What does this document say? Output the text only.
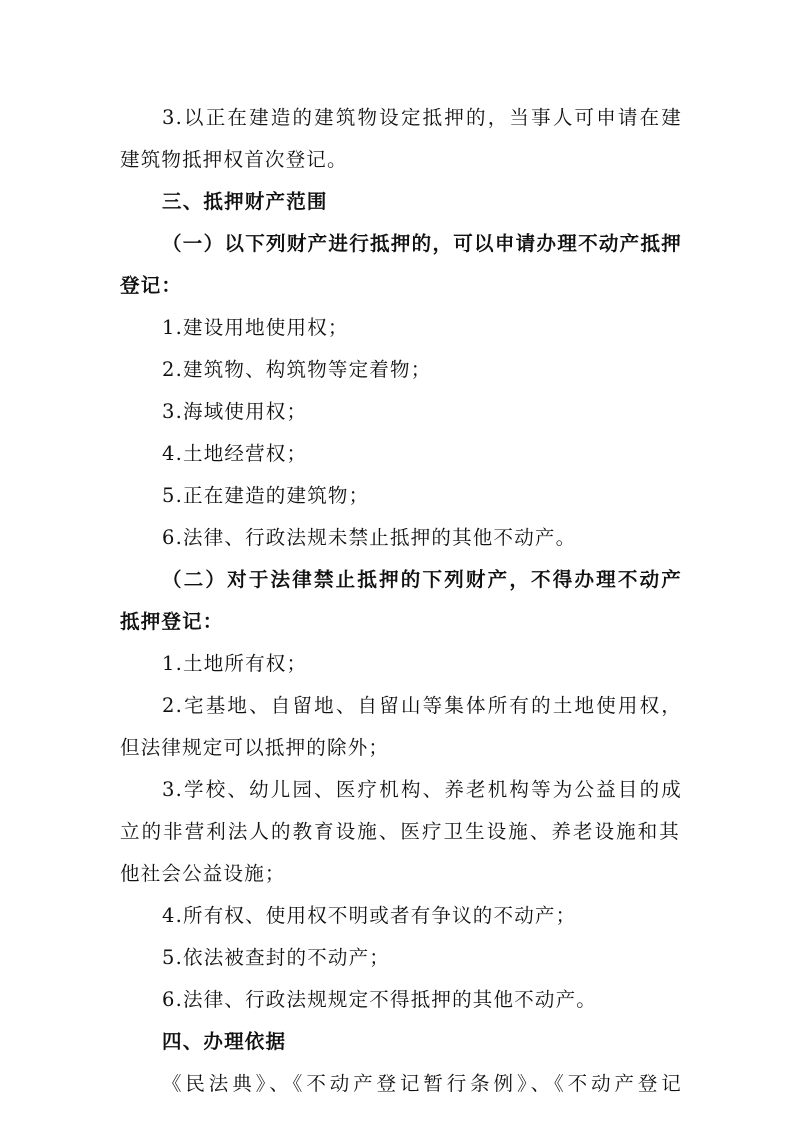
3.以正在建造的建筑物设定抵押的，当事人可申请在建
建筑物抵押权首次登记。
三、抵押财产范围
（一）以下列财产进行抵押的，可以申请办理不动产抵押
登记：
1.建设用地使用权；
2.建筑物、构筑物等定着物；
3.海域使用权；
4.土地经营权；
5.正在建造的建筑物；
6.法律、行政法规未禁止抵押的其他不动产。
（二）对于法律禁止抵押的下列财产，不得办理不动产
抵押登记：
1.土地所有权；
2.宅基地、自留地、自留山等集体所有的土地使用权，
但法律规定可以抵押的除外；
3.学校、幼儿园、医疗机构、养老机构等为公益目的成
立的非营利法人的教育设施、医疗卫生设施、养老设施和其
他社会公益设施；
4.所有权、使用权不明或者有争议的不动产；
5.依法被查封的不动产；
6.法律、行政法规规定不得抵押的其他不动产。
四、办理依据
《民法典》、《不动产登记暂行条例》、《不动产登记
